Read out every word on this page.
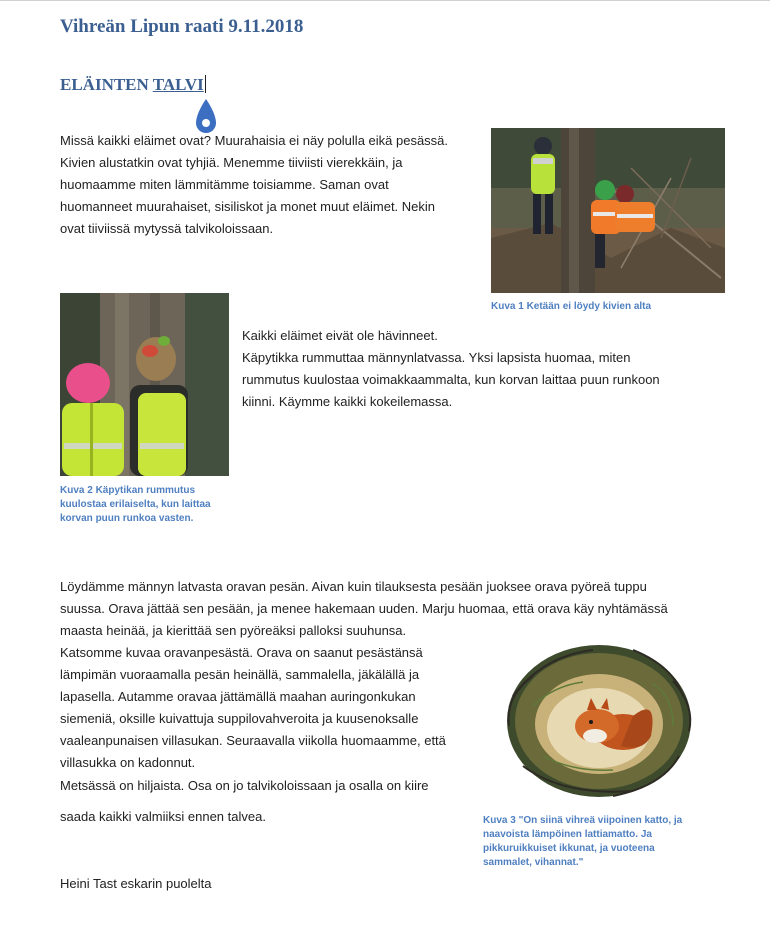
Vihreän Lipun raati 9.11.2018
ELÄINTEN TALVI

Missä kaikki eläimet ovat? Muurahaisia ei näy polulla eikä pesässä.

Kivien alustatkin ovat tyhjiä. Menemme tiiviisti vierekkäin, ja

huomaamme miten lämmitämme toisiamme. Saman ovat

huomanneet muurahaiset, sisiliskot ja monet muut eläimet. Nekin

ovat tiiviissä mytyssä talvikoloissaan.

Kuva 1 Ketään ei löydy kivien alta
Kuva 2 Käpytikan rummutus
kuulostaa erilaiselta, kun laittaa
korvan puun runkoa vasten.

Kaikki eläimet eivät ole hävinneet.

Käpytikka rummuttaa männynlatvassa. Yksi lapsista huomaa, miten

rummutus kuulostaa voimakkaammalta, kun korvan laittaa puun runkoon

kiinni. Käymme kaikki kokeilemassa.

Löydämme männyn latvasta oravan pesän. Aivan kuin tilauksesta pesään juoksee orava pyöreä tuppu

suussa. Orava jättää sen pesään, ja menee hakemaan uuden. Marju huomaa, että orava käy nyhtämässä

maasta heinää, ja kierittää sen pyöreäksi palloksi suuhunsa.

Katsomme kuvaa oravanpesästä. Orava on saanut pesästänsä

lämpimän vuoraamalla pesän heinällä, sammalella, jäkälällä ja

lapasella. Autamme oravaa jättämällä maahan auringonkukan

siemeniä, oksille kuivattuja suppilovahveroita ja kuusenoksalle

vaaleanpunaisen villasukan. Seuraavalla viikolla huomaamme, että

villasukka on kadonnut.

Metsässä on hiljaista. Osa on jo talvikoloissaan ja osalla on kiire
saada kaikki valmiiksi ennen talvea.	Kuva 3 "On siinä vihreä viipoinen katto, ja
naavoista lämpöinen lattiamatto. Ja
pikkuruikkuiset ikkunat, ja vuoteena
sammalet, vihannat."
Heini Tast eskarin puolelta
